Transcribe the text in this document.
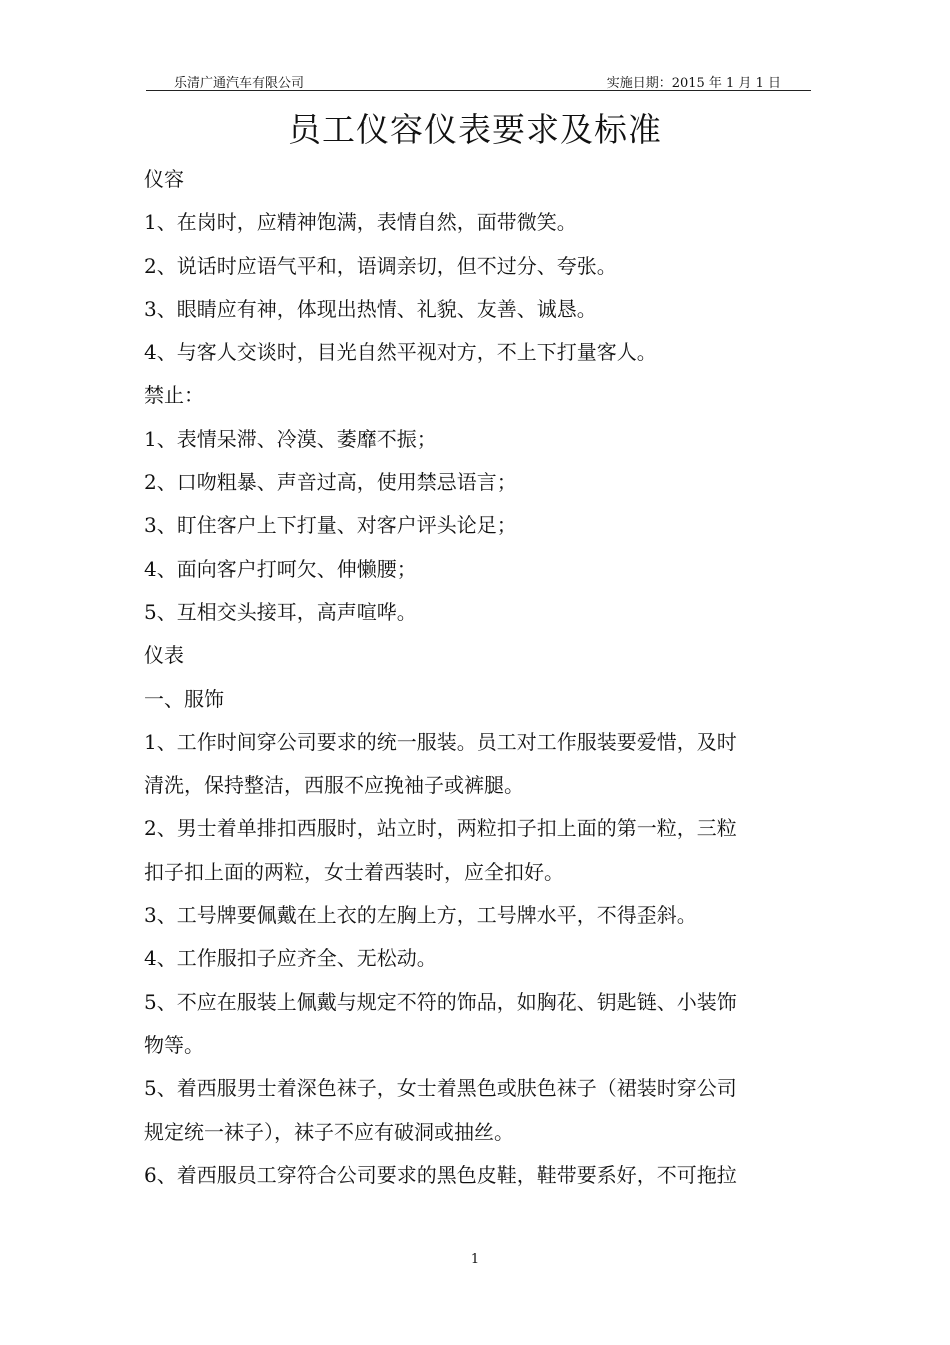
乐清广通汽车有限公司	实施日期：2015 年 1 月 1 日
员工仪容仪表要求及标准

仪容

1、在岗时，应精神饱满，表情自然，面带微笑。

2、说话时应语气平和，语调亲切，但不过分、夸张。

3、眼睛应有神，体现出热情、礼貌、友善、诚恳。

4、与客人交谈时，目光自然平视对方，不上下打量客人。

禁止：

1、表情呆滞、冷漠、萎靡不振；

2、口吻粗暴、声音过高，使用禁忌语言；

3、盯住客户上下打量、对客户评头论足；

4、面向客户打呵欠、伸懒腰；

5、互相交头接耳，高声喧哗。

仪表

一、服饰

1、工作时间穿公司要求的统一服装。员工对工作服装要爱惜，及时

清洗，保持整洁，西服不应挽袖子或裤腿。

2、男士着单排扣西服时，站立时，两粒扣子扣上面的第一粒，三粒

扣子扣上面的两粒，女士着西装时，应全扣好。

3、工号牌要佩戴在上衣的左胸上方，工号牌水平，不得歪斜。

4、工作服扣子应齐全、无松动。

5、不应在服装上佩戴与规定不符的饰品，如胸花、钥匙链、小装饰

物等。

5、着西服男士着深色袜子，女士着黑色或肤色袜子（裙装时穿公司

规定统一袜子），袜子不应有破洞或抽丝。

6、着西服员工穿符合公司要求的黑色皮鞋，鞋带要系好，不可拖拉

1
